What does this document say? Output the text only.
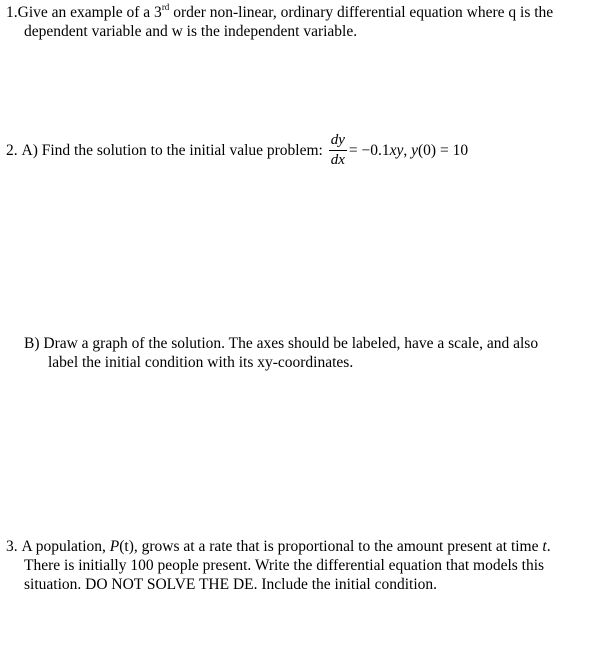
1.Give an example of a 3rd order non-linear, ordinary differential equation where q is the
dependent variable and w is the independent variable.
2.
A) Find the solution to the initial value problem: $\frac{dy}{dx} = -0.1xy$, y(0) = 10
B) Draw a graph of the solution. The axes should be labeled, have a scale, and also
label the initial condition with its xy-coordinates.
3. A population, P(t), grows at a rate that is proportional to the amount present at time t.
There is initially 100 people present. Write the differential equation that models this
situation. DO NOT SOLVE THE DE. Include the initial condition.
